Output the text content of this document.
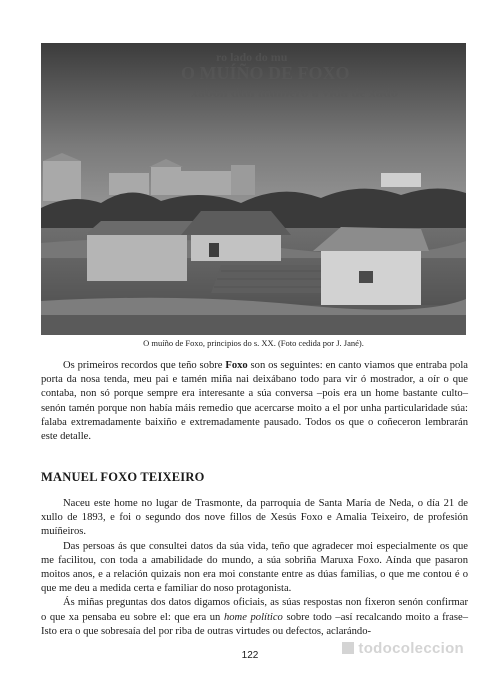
ro lado do mu
O MUÍÑO DE FOXO
xabón dun muíñero a vida de xado
O muíño de Foxo, principios do s. XX. (Foto cedida por J. Jané).

Os primeiros recordos que teño sobre Foxo son os seguintes: en canto viamos que entraba pola porta da nosa tenda, meu pai e tamén miña nai deixábano todo para vir ó mostrador, a oír o que contaba, non só porque sempre era interesante a súa conversa –pois era un home bastante culto– senón tamén porque non había máis remedio que acercarse moito a el por unha particularidade súa: falaba extremadamente baixiño e extremadamente pausado. Todos os que o coñeceron lembrarán este detalle.

MANUEL FOXO TEIXEIRO

Naceu este home no lugar de Trasmonte, da parroquia de Santa María de Neda, o día 21 de xullo de 1893, e foi o segundo dos nove fillos de Xesús Foxo e Amalia Teixeiro, de profesión muíñeiros.

Das persoas ás que consultei datos da súa vida, teño que agradecer moi especialmente os que me facilitou, con toda a amabilidade do mundo, a súa sobriña Maruxa Foxo. Aínda que pasaron moitos anos, e a relación quizais non era moi constante entre as dúas familias, o que me contou é o que me deu a medida certa e familiar do noso protagonista.

Ás miñas preguntas dos datos digamos oficiais, as súas respostas non fixeron senón confirmar o que xa pensaba eu sobre el: que era un home político sobre todo –así recalcando moito a frase– Isto era o que sobresaía del por riba de outras virtudes ou defectos, aclarándo-

todocoleccion
122
